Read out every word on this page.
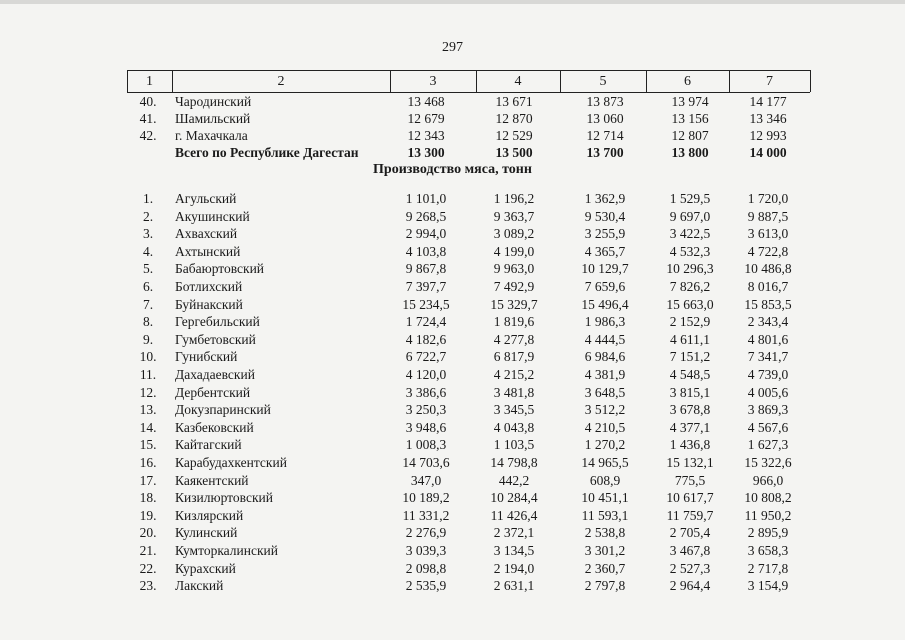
297
1	2	3	4	5	6	7
40.	Чародинский	13 468	13 671	13 873	13 974	14 177
41.	Шамильский	12 679	12 870	13 060	13 156	13 346
42.	г. Махачкала	12 343	12 529	12 714	12 807	12 993
Всего по Республике Дагестан	13 300	13 500	13 700	13 800	14 000
Производство мяса, тонн
1.	Агульский	1 101,0	1 196,2	1 362,9	1 529,5	1 720,0
2.	Акушинский	9 268,5	9 363,7	9 530,4	9 697,0	9 887,5
3.	Ахвахский	2 994,0	3 089,2	3 255,9	3 422,5	3 613,0
4.	Ахтынский	4 103,8	4 199,0	4 365,7	4 532,3	4 722,8
5.	Бабаюртовский	9 867,8	9 963,0	10 129,7	10 296,3	10 486,8
6.	Ботлихский	7 397,7	7 492,9	7 659,6	7 826,2	8 016,7
7.	Буйнакский	15 234,5	15 329,7	15 496,4	15 663,0	15 853,5
8.	Гергебильский	1 724,4	1 819,6	1 986,3	2 152,9	2 343,4
9.	Гумбетовский	4 182,6	4 277,8	4 444,5	4 611,1	4 801,6
10.	Гунибский	6 722,7	6 817,9	6 984,6	7 151,2	7 341,7
11.	Дахадаевский	4 120,0	4 215,2	4 381,9	4 548,5	4 739,0
12.	Дербентский	3 386,6	3 481,8	3 648,5	3 815,1	4 005,6
13.	Докузпаринский	3 250,3	3 345,5	3 512,2	3 678,8	3 869,3
14.	Казбековский	3 948,6	4 043,8	4 210,5	4 377,1	4 567,6
15.	Кайтагский	1 008,3	1 103,5	1 270,2	1 436,8	1 627,3
16.	Карабудахкентский	14 703,6	14 798,8	14 965,5	15 132,1	15 322,6
17.	Каякентский	347,0	442,2	608,9	775,5	966,0
18.	Кизилюртовский	10 189,2	10 284,4	10 451,1	10 617,7	10 808,2
19.	Кизлярский	11 331,2	11 426,4	11 593,1	11 759,7	11 950,2
20.	Кулинский	2 276,9	2 372,1	2 538,8	2 705,4	2 895,9
21.	Кумторкалинский	3 039,3	3 134,5	3 301,2	3 467,8	3 658,3
22.	Курахский	2 098,8	2 194,0	2 360,7	2 527,3	2 717,8
23.	Лакский	2 535,9	2 631,1	2 797,8	2 964,4	3 154,9
